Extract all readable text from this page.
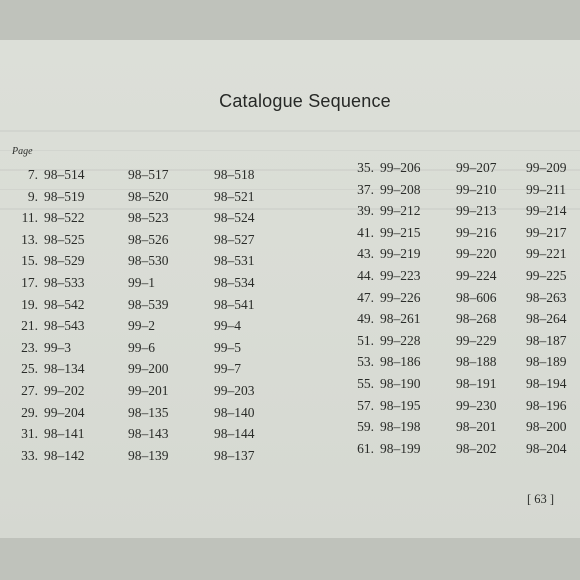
Catalogue Sequence
Page
7. 98–514	98–517	98–518
9. 98–519	98–520	98–521
11. 98–522	98–523	98–524
13. 98–525	98–526	98–527
15. 98–529	98–530	98–531
17. 98–533	99–1	98–534
19. 98–542	98–539	98–541
21. 98–543	99–2	99–4
23. 99–3	99–6	99–5
25. 98–134	99–200	99–7
27. 99–202	99–201	99–203
29. 99–204	98–135	98–140
31. 98–141	98–143	98–144
33. 98–142	98–139	98–137
35. 99–206	99–207 99–209
37. 99–208	99–210 99–211
39. 99–212	99–213 99–214
41. 99–215	99–216 99–217
43. 99–219	99–220 99–221
44. 99–223	99–224 99–225
47. 99–226	98–606 98–263
49. 98–261	98–268 98–264
51. 99–228	99–229 98–187
53. 98–186	98–188 98–189
55. 98–190	98–191 98–194
57. 98–195	99–230 98–196
59. 98–198	98–201 98–200
61. 98–199	98–202 98–204
[ 63 ]
